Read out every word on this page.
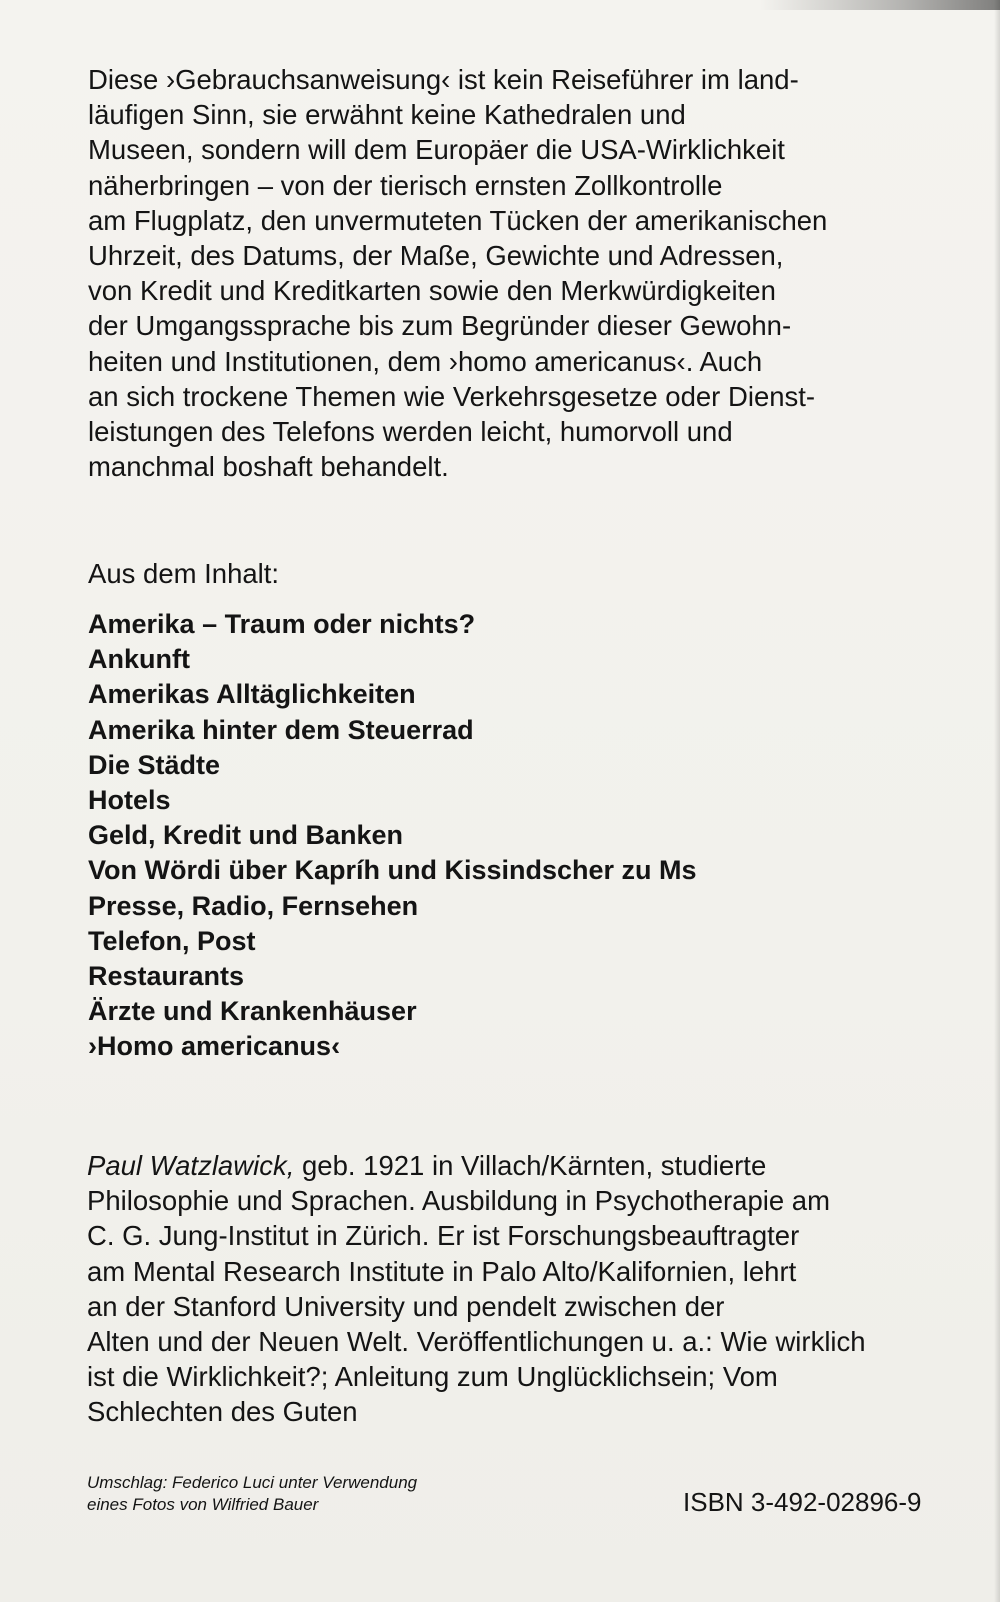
Diese ›Gebrauchsanweisung‹ ist kein Reiseführer im land-
läufigen Sinn, sie erwähnt keine Kathedralen und
Museen, sondern will dem Europäer die USA-Wirklichkeit
näherbringen – von der tierisch ernsten Zollkontrolle
am Flugplatz, den unvermuteten Tücken der amerikanischen
Uhrzeit, des Datums, der Maße, Gewichte und Adressen,
von Kredit und Kreditkarten sowie den Merkwürdigkeiten
der Umgangssprache bis zum Begründer dieser Gewohn-
heiten und Institutionen, dem ›homo americanus‹. Auch
an sich trockene Themen wie Verkehrsgesetze oder Dienst-
leistungen des Telefons werden leicht, humorvoll und
manchmal boshaft behandelt.

Aus dem Inhalt:

Amerika – Traum oder nichts?
Ankunft
Amerikas Alltäglichkeiten
Amerika hinter dem Steuerrad
Die Städte
Hotels
Geld, Kredit und Banken
Von Wördi über Kapríh und Kissindscher zu Ms
Presse, Radio, Fernsehen
Telefon, Post
Restaurants
Ärzte und Krankenhäuser
›Homo americanus‹

Paul Watzlawick, geb. 1921 in Villach/Kärnten, studierte
Philosophie und Sprachen. Ausbildung in Psychotherapie am
C. G. Jung-Institut in Zürich. Er ist Forschungsbeauftragter
am Mental Research Institute in Palo Alto/Kalifornien, lehrt
an der Stanford University und pendelt zwischen der
Alten und der Neuen Welt. Veröffentlichungen u. a.: Wie wirklich
ist die Wirklichkeit?; Anleitung zum Unglücklichsein; Vom
Schlechten des Guten

Umschlag: Federico Luci unter Verwendung
eines Fotos von Wilfried Bauer	ISBN 3-492-02896-9
